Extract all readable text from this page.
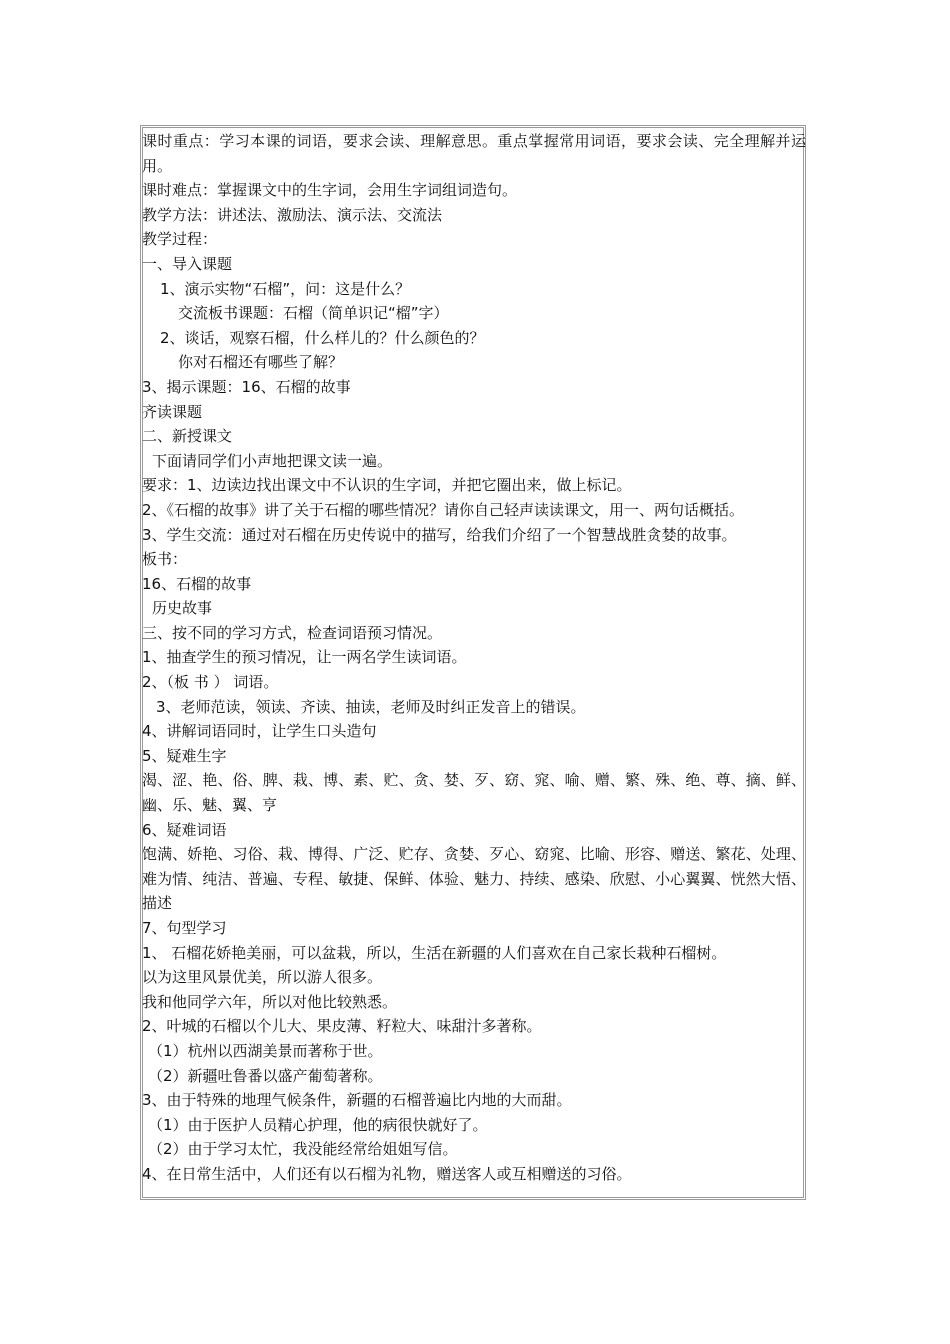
课时重点：学习本课的词语，要求会读、理解意思。重点掌握常用词语，要求会读、完全理解并运用。
课时难点：掌握课文中的生字词，会用生字词组词造句。
教学方法：讲述法、激励法、演示法、交流法
教学过程：
一、导入课题
1、演示实物“石榴”，问：这是什么？
交流板书课题：石榴（简单识记“榴”字）
2、谈话，观察石榴，什么样儿的？什么颜色的？
你对石榴还有哪些了解？
3、揭示课题：16、石榴的故事
齐读课题
二、新授课文
下面请同学们小声地把课文读一遍。
要求：1、边读边找出课文中不认识的生字词，并把它圈出来，做上标记。
2、《石榴的故事》讲了关于石榴的哪些情况？请你自己轻声读读课文，用一、两句话概括。
3、学生交流：通过对石榴在历史传说中的描写，给我们介绍了一个智慧战胜贪婪的故事。
板书：
16、石榴的故事
历史故事
三、按不同的学习方式，检查词语预习情况。
1、抽查学生的预习情况，让一两名学生读词语。
2、（板 书 ） 词语。
3、老师范读，领读、齐读、抽读，老师及时纠正发音上的错误。
4、讲解词语同时，让学生口头造句
5、疑难生字
渴、涩、艳、俗、脾、栽、博、素、贮、贪、婪、歹、窈、窕、喻、赠、繁、殊、绝、尊、摘、鲜、幽、乐、魅、翼、亨
6、疑难词语
饱满、娇艳、习俗、栽、博得、广泛、贮存、贪婪、歹心、窈窕、比喻、形容、赠送、繁花、处理、难为情、纯洁、普遍、专程、敏捷、保鲜、体验、魅力、持续、感染、欣慰、小心翼翼、恍然大悟、描述
7、句型学习
1、 石榴花娇艳美丽，可以盆栽，所以，生活在新疆的人们喜欢在自己家长栽种石榴树。
以为这里风景优美，所以游人很多。
我和他同学六年，所以对他比较熟悉。
2、叶城的石榴以个儿大、果皮薄、籽粒大、味甜汁多著称。
（1）杭州以西湖美景而著称于世。
（2）新疆吐鲁番以盛产葡萄著称。
3、由于特殊的地理气候条件，新疆的石榴普遍比内地的大而甜。
（1）由于医护人员精心护理，他的病很快就好了。
（2）由于学习太忙，我没能经常给姐姐写信。
4、在日常生活中，人们还有以石榴为礼物，赠送客人或互相赠送的习俗。
